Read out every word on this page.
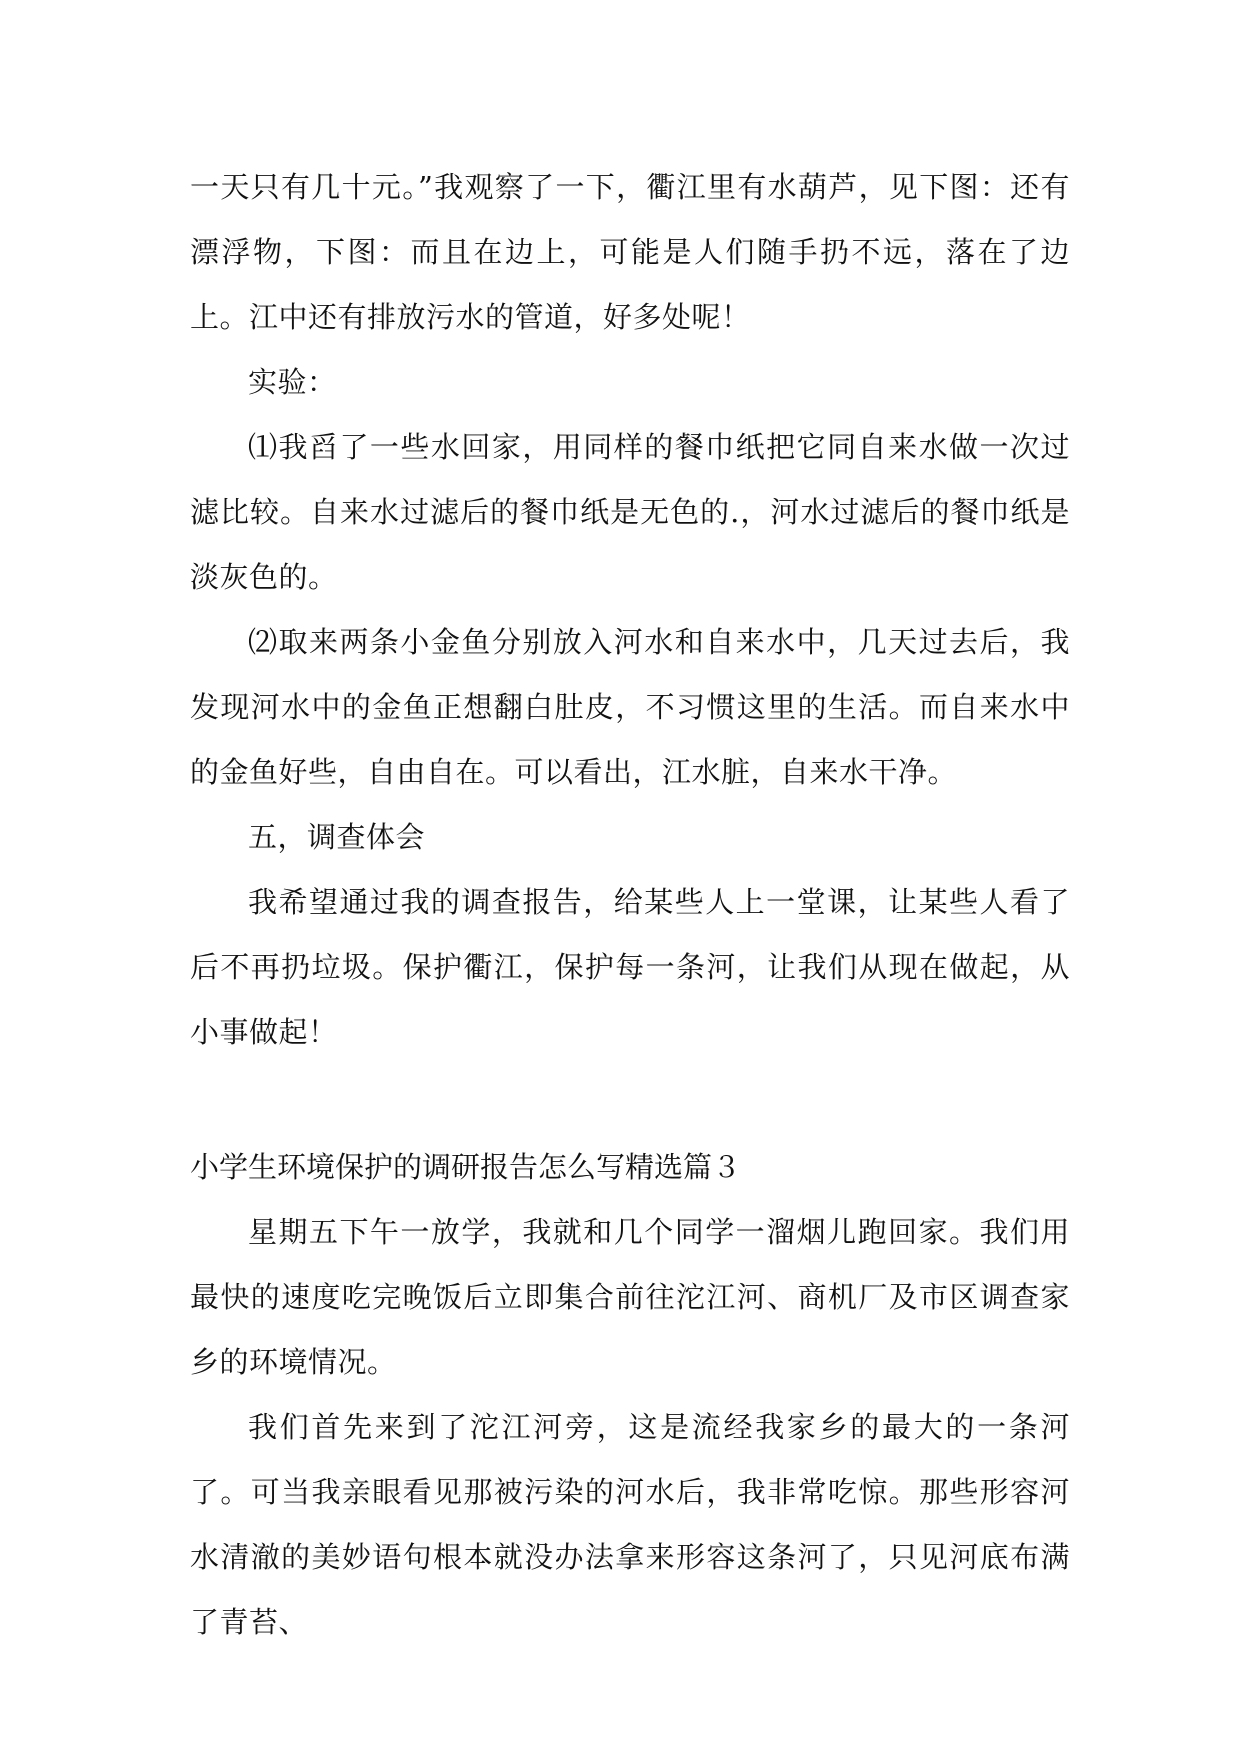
一天只有几十元。”我观察了一下，衢江里有水葫芦，见下图：还有漂浮物，下图：而且在边上，可能是人们随手扔不远，落在了边上。江中还有排放污水的管道，好多处呢！

实验：

⑴我舀了一些水回家，用同样的餐巾纸把它同自来水做一次过滤比较。自来水过滤后的餐巾纸是无色的.，河水过滤后的餐巾纸是淡灰色的。

⑵取来两条小金鱼分别放入河水和自来水中，几天过去后，我发现河水中的金鱼正想翻白肚皮，不习惯这里的生活。而自来水中的金鱼好些，自由自在。可以看出，江水脏，自来水干净。

五，调查体会

我希望通过我的调查报告，给某些人上一堂课，让某些人看了后不再扔垃圾。保护衢江，保护每一条河，让我们从现在做起，从小事做起！

小学生环境保护的调研报告怎么写精选篇３

星期五下午一放学，我就和几个同学一溜烟儿跑回家。我们用最快的速度吃完晚饭后立即集合前往沱江河、商机厂及市区调查家乡的环境情况。

我们首先来到了沱江河旁，这是流经我家乡的最大的一条河了。可当我亲眼看见那被污染的河水后，我非常吃惊。那些形容河水清澈的美妙语句根本就没办法拿来形容这条河了，只见河底布满了青苔、
